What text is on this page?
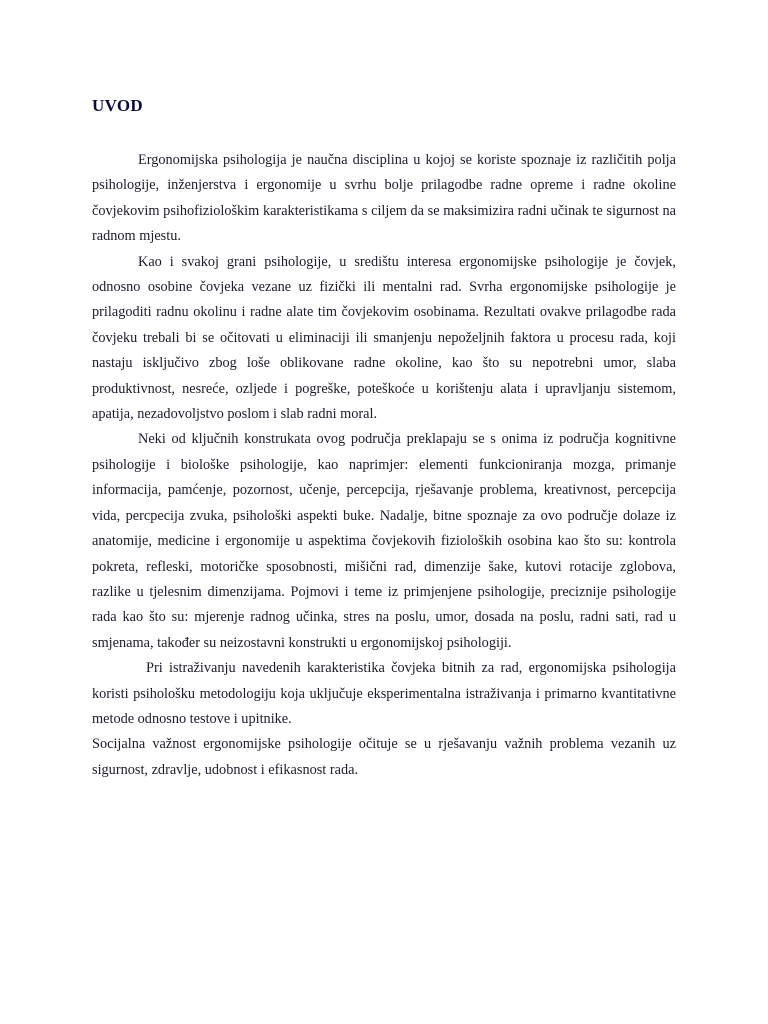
UVOD

Ergonomijska psihologija je naučna disciplina u kojoj se koriste spoznaje iz različitih polja psihologije, inženjerstva i ergonomije u svrhu bolje prilagodbe radne opreme i radne okoline čovjekovim psihofiziološkim karakteristikama s ciljem da se maksimizira radni učinak te sigurnost na radnom mjestu.

Kao i svakoj grani psihologije, u središtu interesa ergonomijske psihologije je čovjek, odnosno osobine čovjeka vezane uz fizički ili mentalni rad. Svrha ergonomijske psihologije je prilagoditi radnu okolinu i radne alate tim čovjekovim osobinama. Rezultati ovakve prilagodbe rada čovjeku trebali bi se očitovati u eliminaciji ili smanjenju nepoželjnih faktora u procesu rada, koji nastaju isključivo zbog loše oblikovane radne okoline, kao što su nepotrebni umor, slaba produktivnost, nesreće, ozljede i pogreške, poteškoće u korištenju alata i upravljanju sistemom, apatija, nezadovoljstvo poslom i slab radni moral.

Neki od ključnih konstrukata ovog područja preklapaju se s onima iz područja kognitivne psihologije i biološke psihologije, kao naprimjer: elementi funkcioniranja mozga, primanje informacija, pamćenje, pozornost, učenje, percepcija, rješavanje problema, kreativnost, percepcija vida, percpecija zvuka, psihološki aspekti buke. Nadalje, bitne spoznaje za ovo područje dolaze iz anatomije, medicine i ergonomije u aspektima čovjekovih fizioloških osobina kao što su: kontrola pokreta, refleski, motoričke sposobnosti, mišični rad, dimenzije šake, kutovi rotacije zglobova, razlike u tjelesnim dimenzijama. Pojmovi i teme iz primjenjene psihologije, preciznije psihologije rada kao što su: mjerenje radnog učinka, stres na poslu, umor, dosada na poslu, radni sati, rad u smjenama, također su neizostavni konstrukti u ergonomijskoj psihologiji.

Pri istraživanju navedenih karakteristika čovjeka bitnih za rad, ergonomijska psihologija koristi psihološku metodologiju koja uključuje eksperimentalna istraživanja i primarno kvantitativne metode odnosno testove i upitnike.

Socijalna važnost ergonomijske psihologije očituje se u rješavanju važnih problema vezanih uz sigurnost, zdravlje, udobnost i efikasnost rada.
